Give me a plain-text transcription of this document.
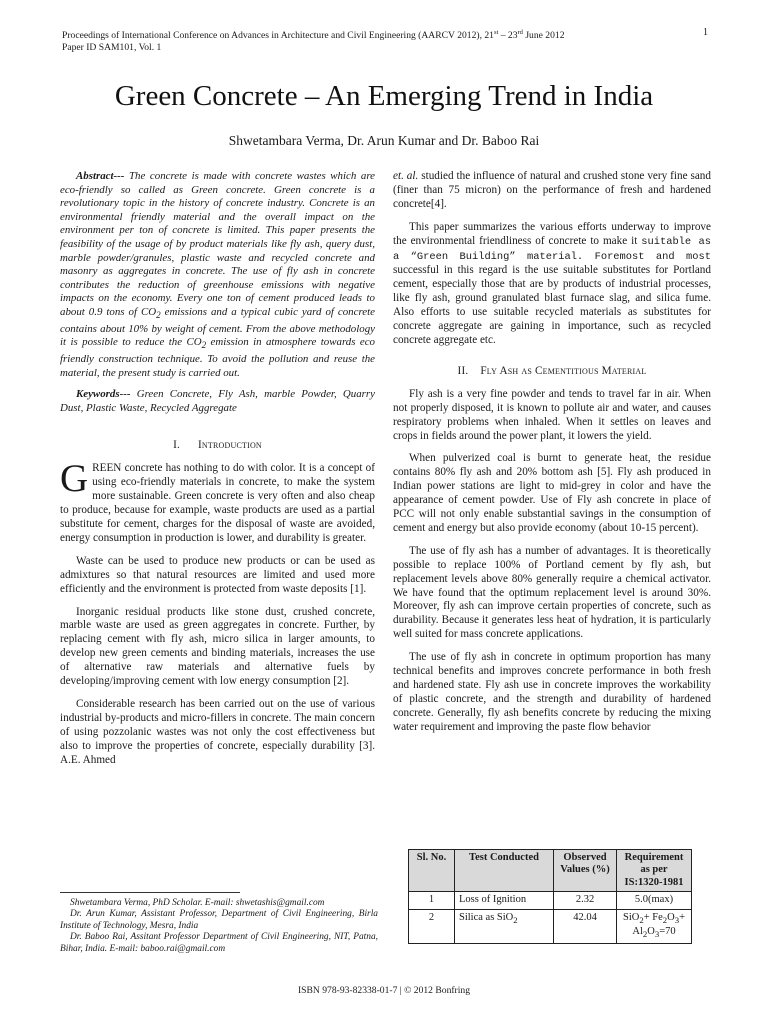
Proceedings of International Conference on Advances in Architecture and Civil Engineering (AARCV 2012), 21st – 23rd June 2012
Paper ID SAM101, Vol. 1
1
Green Concrete – An Emerging Trend in India
Shwetambara Verma, Dr. Arun Kumar and Dr. Baboo Rai

Abstract--- The concrete is made with concrete wastes which are eco-friendly so called as Green concrete. Green concrete is a revolutionary topic in the history of concrete industry. Concrete is an environmental friendly material and the overall impact on the environment per ton of concrete is limited. This paper presents the feasibility of the usage of by product materials like fly ash, query dust, marble powder/granules, plastic waste and recycled concrete and masonry as aggregates in concrete. The use of fly ash in concrete contributes the reduction of greenhouse emissions with negative impacts on the economy. Every one ton of cement produced leads to about 0.9 tons of $CO_2$ emissions and a typical cubic yard of concrete contains about 10% by weight of cement. From the above methodology it is possible to reduce the $CO_2$ emission in atmosphere towards eco friendly construction technique. To avoid the pollution and reuse the material, the present study is carried out.

Keywords--- Green Concrete, Fly Ash, marble Powder, Quarry Dust, Plastic Waste, Recycled Aggregate

I. Introduction

GREEN concrete has nothing to do with color. It is a concept of using eco-friendly materials in concrete, to make the system more sustainable. Green concrete is very often and also cheap to produce, because for example, waste products are used as a partial substitute for cement, charges for the disposal of waste are avoided, energy consumption in production is lower, and durability is greater.

Waste can be used to produce new products or can be used as admixtures so that natural resources are limited and used more efficiently and the environment is protected from waste deposits [1].

Inorganic residual products like stone dust, crushed concrete, marble waste are used as green aggregates in concrete. Further, by replacing cement with fly ash, micro silica in larger amounts, to develop new green cements and binding materials, increases the use of alternative raw materials and alternative fuels by developing/improving cement with low energy consumption [2].

Considerable research has been carried out on the use of various industrial by-products and micro-fillers in concrete. The main concern of using pozzolanic wastes was not only the cost effectiveness but also to improve the properties of concrete, especially durability [3]. A.E. Ahmed

Shwetambara Verma, PhD Scholar. E-mail: shwetashis@gmail.com

Dr. Arun Kumar, Assistant Professor, Department of Civil Engineering, Birla Institute of Technology, Mesra, India

Dr. Baboo Rai, Assitant Professor Department of Civil Engineering, NIT, Patna, Bihar, India. E-mail: baboo.rai@gmail.com

et. al. studied the influence of natural and crushed stone very fine sand (finer than 75 micron) on the performance of fresh and hardened concrete[4].

This paper summarizes the various efforts underway to improve the environmental friendliness of concrete to make it suitable as a “Green Building” material. Foremost and most successful in this regard is the use suitable substitutes for Portland cement, especially those that are by products of industrial processes, like fly ash, ground granulated blast furnace slag, and silica fume. Also efforts to use suitable recycled materials as substitutes for concrete aggregate are gaining in importance, such as recycled concrete aggregate etc.

II. Fly Ash as Cementitious Material

Fly ash is a very fine powder and tends to travel far in air. When not properly disposed, it is known to pollute air and water, and causes respiratory problems when inhaled. When it settles on leaves and crops in fields around the power plant, it lowers the yield.

When pulverized coal is burnt to generate heat, the residue contains 80% fly ash and 20% bottom ash [5]. Fly ash produced in Indian power stations are light to mid-grey in color and have the appearance of cement powder. Use of Fly ash concrete in place of PCC will not only enable substantial savings in the consumption of cement and energy but also provide economy (about 10-15 percent).

The use of fly ash has a number of advantages. It is theoretically possible to replace 100% of Portland cement by fly ash, but replacement levels above 80% generally require a chemical activator. We have found that the optimum replacement level is around 30%. Moreover, fly ash can improve certain properties of concrete, such as durability. Because it generates less heat of hydration, it is particularly well suited for mass concrete applications.

The use of fly ash in concrete in optimum proportion has many technical benefits and improves concrete performance in both fresh and hardened state. Fly ash use in concrete improves the workability of plastic concrete, and the strength and durability of hardened concrete. Generally, fly ash benefits concrete by reducing the mixing water requirement and improving the paste flow behavior

Sl. No.	Test Conducted	Observed Values (%)	Requirement as per IS:1320-1981
1	Loss of Ignition	2.32	5.0(max)
2	Silica as SiO$_2$	42.04	$SiO_2+ Fe_2O_3+ Al_2O_3=70$
ISBN 978-93-82338-01-7 | © 2012 Bonfring
